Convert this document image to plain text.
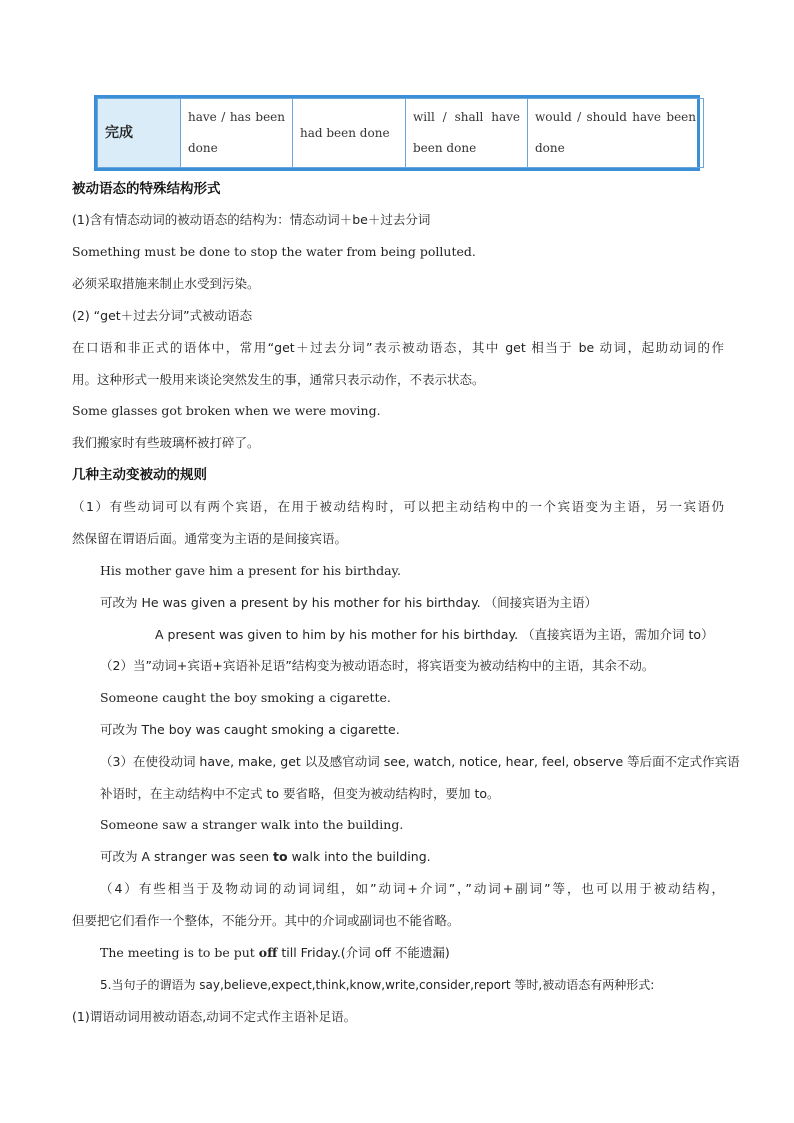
完成	have / has been done	had been done	will / shall have been done	would / should have been done
被动语态的特殊结构形式
(1)含有情态动词的被动语态的结构为：情态动词＋be＋过去分词
Something must be done to stop the water from being polluted.
必须采取措施来制止水受到污染。
(2) “get＋过去分词”式被动语态
在口语和非正式的语体中，常用“get＋过去分词”表示被动语态，其中 get 相当于 be 动词，起助动词的作
用。这种形式一般用来谈论突然发生的事，通常只表示动作，不表示状态。
Some glasses got broken when we were moving.
我们搬家时有些玻璃杯被打碎了。
几种主动变被动的规则
（1）有些动词可以有两个宾语，在用于被动结构时，可以把主动结构中的一个宾语变为主语，另一宾语仍
然保留在谓语后面。通常变为主语的是间接宾语。
His mother gave him a present for his birthday.
可改为 He was given a present by his mother for his birthday. （间接宾语为主语）
A present was given to him by his mother for his birthday. （直接宾语为主语，需加介词 to）
（2）当”动词+宾语+宾语补足语”结构变为被动语态时，将宾语变为被动结构中的主语，其余不动。
Someone caught the boy smoking a cigarette.
可改为 The boy was caught smoking a cigarette.
（3）在使役动词 have, make, get 以及感官动词 see, watch, notice, hear, feel, observe 等后面不定式作宾语
补语时，在主动结构中不定式 to 要省略，但变为被动结构时，要加 to。
Someone saw a stranger walk into the building.
可改为 A stranger was seen to walk into the building.
（4）有些相当于及物动词的动词词组，如”动词+介词”，”动词+副词”等，也可以用于被动结构，
但要把它们看作一个整体，不能分开。其中的介词或副词也不能省略。
The meeting is to be put off till Friday.(介词 off 不能遗漏)
5.当句子的谓语为 say,believe,expect,think,know,write,consider,report 等时,被动语态有两种形式:
(1)谓语动词用被动语态,动词不定式作主语补足语。
